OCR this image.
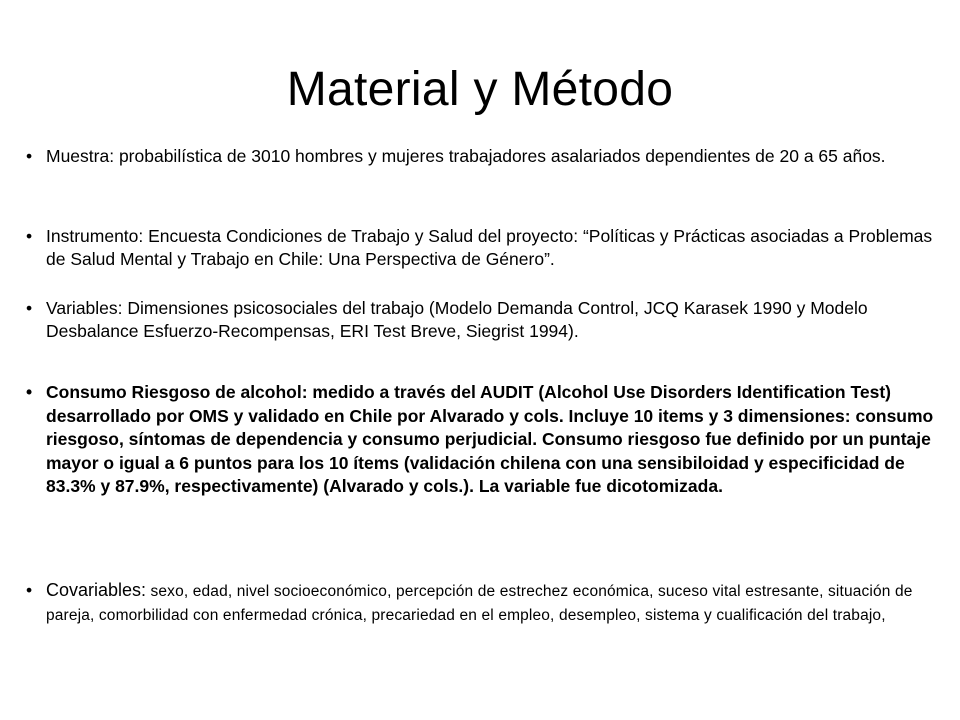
Material y Método
• Muestra: probabilística de 3010 hombres y mujeres trabajadores asalariados dependientes de 20 a 65 años.
• Instrumento: Encuesta Condiciones de Trabajo y Salud del proyecto: “Políticas y Prácticas asociadas a Problemas de Salud Mental y Trabajo en Chile: Una Perspectiva de Género”.
• Variables: Dimensiones psicosociales del trabajo (Modelo Demanda Control, JCQ Karasek 1990 y Modelo Desbalance Esfuerzo-Recompensas, ERI Test Breve, Siegrist 1994).
• Consumo Riesgoso de alcohol: medido a través del AUDIT (Alcohol Use Disorders Identification Test) desarrollado por OMS y validado en Chile por Alvarado y cols. Incluye 10 items y 3 dimensiones: consumo riesgoso, síntomas de dependencia y consumo perjudicial. Consumo riesgoso fue definido por un puntaje mayor o igual a 6 puntos para los 10 ítems (validación chilena con una sensibiloidad y especificidad de 83.3% y 87.9%, respectivamente) (Alvarado y cols.). La variable fue dicotomizada.
• Covariables: sexo, edad, nivel socioeconómico, percepción de estrechez económica, suceso vital estresante, situación de pareja, comorbilidad con enfermedad crónica, precariedad en el empleo, desempleo, sistema y cualificación del trabajo,
